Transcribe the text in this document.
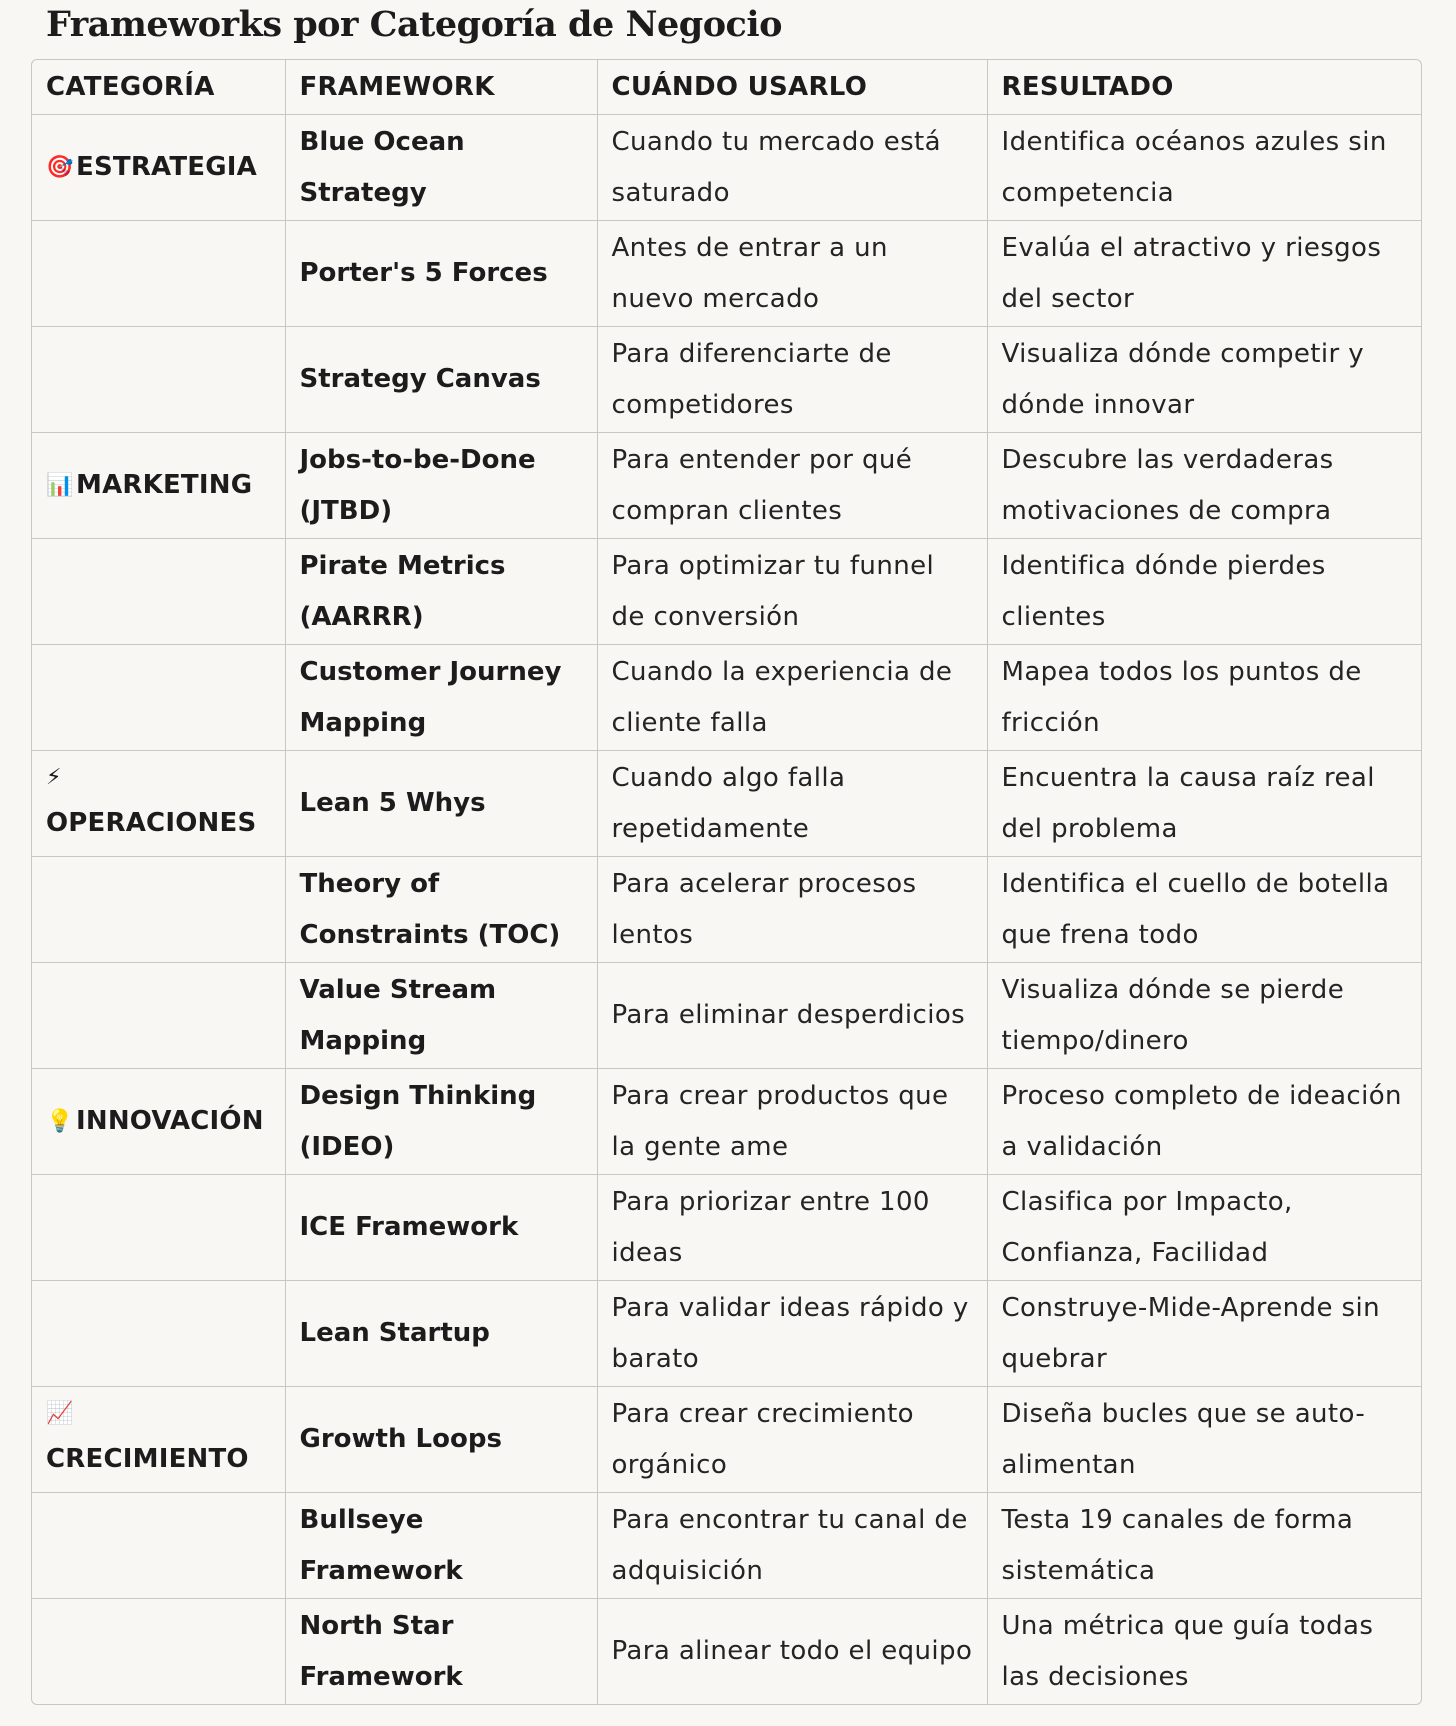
Frameworks por Categoría de Negocio
CATEGORÍA	FRAMEWORK	CUÁNDO USARLO	RESULTADO
🎯ESTRATEGIA	Blue Ocean Strategy	Cuando tu mercado está saturado	Identifica océanos azules sin competencia
	Porter's 5 Forces	Antes de entrar a un nuevo mercado	Evalúa el atractivo y riesgos del sector
	Strategy Canvas	Para diferenciarte de competidores	Visualiza dónde competir y dónde innovar
📊MARKETING	Jobs-to-be-Done (JTBD)	Para entender por qué compran clientes	Descubre las verdaderas motivaciones de compra
	Pirate Metrics (AARRR)	Para optimizar tu funnel de conversión	Identifica dónde pierdes clientes
	Customer Journey Mapping	Cuando la experiencia de cliente falla	Mapea todos los puntos de fricción

⚡
OPERACIONES	Lean 5 Whys	Cuando algo falla repetidamente	Encuentra la causa raíz real del problema
	Theory of Constraints (TOC)	Para acelerar procesos lentos	Identifica el cuello de botella que frena todo
	Value Stream Mapping	Para eliminar desperdicios	Visualiza dónde se pierde tiempo/dinero
💡INNOVACIÓN	Design Thinking (IDEO)	Para crear productos que la gente ame	Proceso completo de ideación a validación
	ICE Framework	Para priorizar entre 100 ideas	Clasifica por Impacto, Confianza, Facilidad
	Lean Startup	Para validar ideas rápido y barato	Construye-Mide-Aprende sin quebrar

📈
CRECIMIENTO	Growth Loops	Para crear crecimiento orgánico	Diseña bucles que se auto-alimentan
	Bullseye Framework	Para encontrar tu canal de adquisición	Testa 19 canales de forma sistemática
	North Star Framework	Para alinear todo el equipo	Una métrica que guía todas las decisiones
